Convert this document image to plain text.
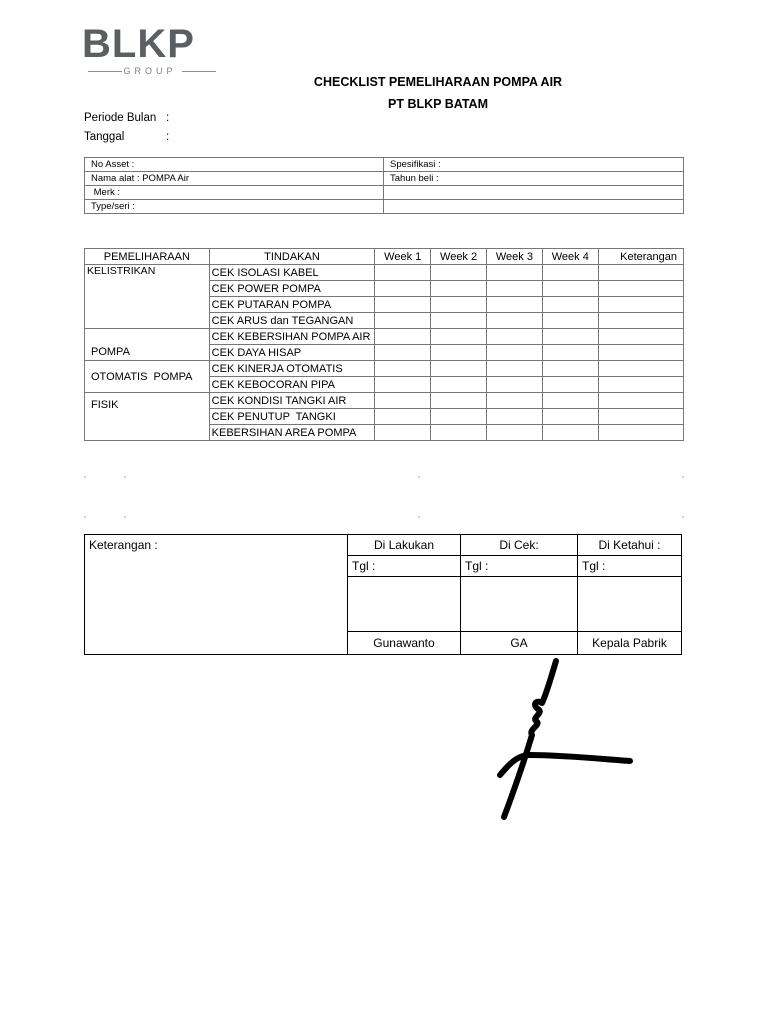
BLKP
GROUP
CHECKLIST PEMELIHARAAN POMPA AIR
PT BLKP BATAM
Periode Bulan :
Tanggal	:
No Asset :	Spesifikasi :
Nama alat : POMPA Air	Tahun beli :
Merk :	
Type/seri :	
PEMELIHARAAN	TINDAKAN	Week 1	Week 2	Week 3	Week 4	Keterangan
KELISTRIKAN	CEK ISOLASI KABEL					
	CEK POWER POMPA					
	CEK PUTARAN POMPA					
	CEK ARUS dan TEGANGAN					
POMPA	CEK KEBERSIHAN POMPA AIR					
	CEK DAYA HISAP					
OTOMATIS  POMPA	CEK KINERJA OTOMATIS					
	CEK KEBOCORAN PIPA					
FISIK	CEK KONDISI TANGKI AIR					
	CEK PENUTUP  TANGKI					
	KEBERSIHAN AREA POMPA					
Keterangan :	Di Lakukan	Di Cek:	Di Ketahui :
	Tgl :	Tgl :	Tgl :

	Gunawanto	GA	Kepala Pabrik
